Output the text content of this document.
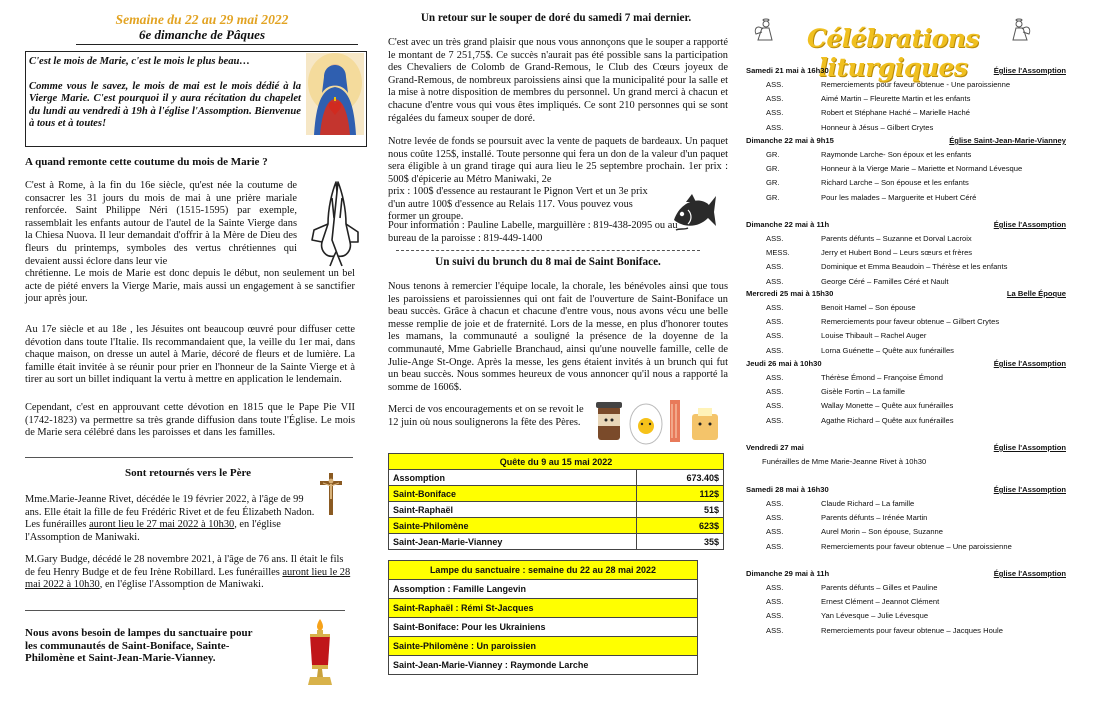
Semaine du 22 au 29 mai 2022
6e dimanche de Pâques
C'est le mois de Marie, c'est le mois le plus beau…

Comme vous le savez, le mois de mai est le mois dédié à la Vierge Marie. C'est pourquoi il y aura récitation du chapelet du lundi au vendredi à 19h à l'église l'Assomption. Bienvenue à tous et à toutes!
A quand remonte cette coutume du mois de Marie ?
C'est à Rome, à la fin du 16e siècle, qu'est née la coutume de consacrer les 31 jours du mois de mai à une prière mariale renforcée. Saint Philippe Néri (1515-1595) par exemple, rassemblait les enfants autour de l'autel de la Sainte Vierge dans la Chiesa Nuova. Il leur demandait d'offrir à la Mère de Dieu des fleurs du printemps, symboles des vertus chrétiennes qui devaient aussi éclore dans leur vie
chrétienne. Le mois de Marie est donc depuis le début, non seulement un bel acte de piété envers la Vierge Marie, mais aussi un engagement à se sanctifier jour après jour.
Au 17e siècle et au 18e , les Jésuites ont beaucoup œuvré pour diffuser cette dévotion dans toute l'Italie. Ils recommandaient que, la veille du 1er mai, dans chaque maison, on dresse un autel à Marie, décoré de fleurs et de lumière. La famille était invitée à se réunir pour prier en l'honneur de la Sainte Vierge et à tirer au sort un billet indiquant la vertu à mettre en application le lendemain.
Cependant, c'est en approuvant cette dévotion en 1815 que le Pape Pie VII (1742-1823) va permettre sa très grande diffusion dans toute l'Église. Le mois de Marie sera célébré dans les paroisses et dans les familles.
Sont retournés vers le Père
Mme.Marie-Jeanne Rivet, décédée le 19 février 2022, à l'âge de 99 ans. Elle était la fille de feu Frédéric Rivet et de feu Élizabeth Nadon. Les funérailles auront lieu le 27 mai 2022 à 10h30, en l'église l'Assomption de Maniwaki.
M.Gary Budge, décédé le 28 novembre 2021, à l'âge de 76 ans. Il était le fils de feu Henry Budge et de feu Irène Robillard. Les funérailles auront lieu le 28 mai 2022 à 10h30, en l'église l'Assomption de Maniwaki.
Nous avons besoin de lampes du sanctuaire pour les communautés de Saint-Boniface, Sainte-Philomène et Saint-Jean-Marie-Vianney.
Un retour sur le souper de doré du samedi 7 mai dernier.
C'est avec un très grand plaisir que nous vous annonçons que le souper a rapporté le montant de 7 251,75$. Ce succès n'aurait pas été possible sans la participation des Chevaliers de Colomb de Grand-Remous, le Club des Cœurs joyeux de Grand-Remous, de nombreux paroissiens ainsi que la municipalité pour la salle et la mise à notre disposition de membres du personnel. Un grand merci à chacun et chacune d'entre vous qui vous êtes impliqués. Ce sont 210 personnes qui se sont régalées du fameux souper de doré.
Notre levée de fonds se poursuit avec la vente de paquets de bardeaux. Un paquet nous coûte 125$, installé. Toute personne qui fera un don de la valeur d'un paquet sera éligible à un grand tirage qui aura lieu le 25 septembre prochain. 1er prix : 500$ d'épicerie au Métro Maniwaki, 2e
prix : 100$ d'essence au restaurant le Pignon Vert et un 3e prix d'un autre 100$ d'essence au Relais 117. Vous pouvez vous former un groupe.
Pour information : Pauline Labelle, marguillère : 819-438-2095 ou au bureau de la paroisse : 819-449-1400
Un suivi du brunch du 8 mai de Saint Boniface.
Nous tenons à remercier l'équipe locale, la chorale, les bénévoles ainsi que tous les paroissiens et paroissiennes qui ont fait de l'ouverture de Saint-Boniface un beau succès. Grâce à chacun et chacune d'entre vous, nous avons vécu une belle messe remplie de joie et de fraternité. Lors de la messe, en plus d'honorer toutes les mamans, la communauté a souligné la présence de la doyenne de la communauté, Mme Gabrielle Branchaud, ainsi qu'une nouvelle famille, celle de Julie-Ange St-Onge. Après la messe, les gens étaient invités à un brunch qui fut un beau succès. Nous sommes heureux de vous annoncer qu'il nous a rapporté la somme de 1606$.
Merci de vos encouragements et on se revoit le 12 juin où nous soulignerons la fête des Pères.
Quête du 9 au 15 mai 2022	
Assomption	673.40$
Saint-Boniface	112$
Saint-Raphaël	51$
Sainte-Philomène	623$
Saint-Jean-Marie-Vianney	35$
Lampe du sanctuaire : semaine du 22 au 28 mai 2022
Assomption : Famille Langevin
Saint-Raphaël : Rémi St-Jacques
Saint-Boniface: Pour les Ukrainiens
Sainte-Philomène : Un paroissien
Saint-Jean-Marie-Vianney : Raymonde Larche
Célébrations liturgiques
Samedi 21 mai à 16h30	Église l'Assomption
ASS.	Remerciements pour faveur obtenue - Une paroissienne
ASS.	Aimé Martin – Fleurette Martin et les enfants
ASS.	Robert et Stéphane Haché – Marielle Haché
ASS.	Honneur à Jésus – Gilbert Crytes
Dimanche 22 mai à 9h15	Église Saint-Jean-Marie-Vianney
GR.	Raymonde Larche- Son époux et les enfants
GR.	Honneur à la Vierge Marie – Mariette et Normand Lévesque
GR.	Richard Larche – Son épouse et les enfants
GR.	Pour les malades – Marguerite et Hubert Céré
Dimanche 22 mai à 11h	Église l'Assomption
ASS.	Parents défunts – Suzanne et Dorval Lacroix
MESS.	Jerry et Hubert Bond – Leurs sœurs et frères
ASS.	Dominique et Emma Beaudoin – Thérèse et les enfants
ASS.	George Céré – Familles Céré et Nault
Mercredi 25 mai à 15h30	La Belle Époque
ASS.	Benoit Hamel – Son épouse
ASS.	Remerciements pour faveur obtenue – Gilbert Crytes
ASS.	Louise Thibault – Rachel Auger
ASS.	Lorna Guénette – Quête aux funérailles
Jeudi 26 mai à 10h30	Église l'Assomption
ASS.	Thérèse Émond – Françoise Émond
ASS.	Gisèle Fortin – La famille
ASS.	Wallay Monette – Quête aux funérailles
ASS.	Agathe Richard – Quête aux funérailles
Vendredi 27 mai	Église l'Assomption
Funérailles de Mme Marie-Jeanne Rivet à 10h30
Samedi 28 mai à 16h30	Église l'Assomption
ASS.	Claude Richard – La famille
ASS.	Parents défunts – Irénée Martin
ASS.	Aurel Morin – Son épouse, Suzanne
ASS.	Remerciements pour faveur obtenue – Une paroissienne
Dimanche 29 mai à 11h	Église l'Assomption
ASS.	Parents défunts – Gilles et Pauline
ASS.	Ernest Clément – Jeannot Clément
ASS.	Yan Lévesque – Julie Lévesque
ASS.	Remerciements pour faveur obtenue – Jacques Houle
